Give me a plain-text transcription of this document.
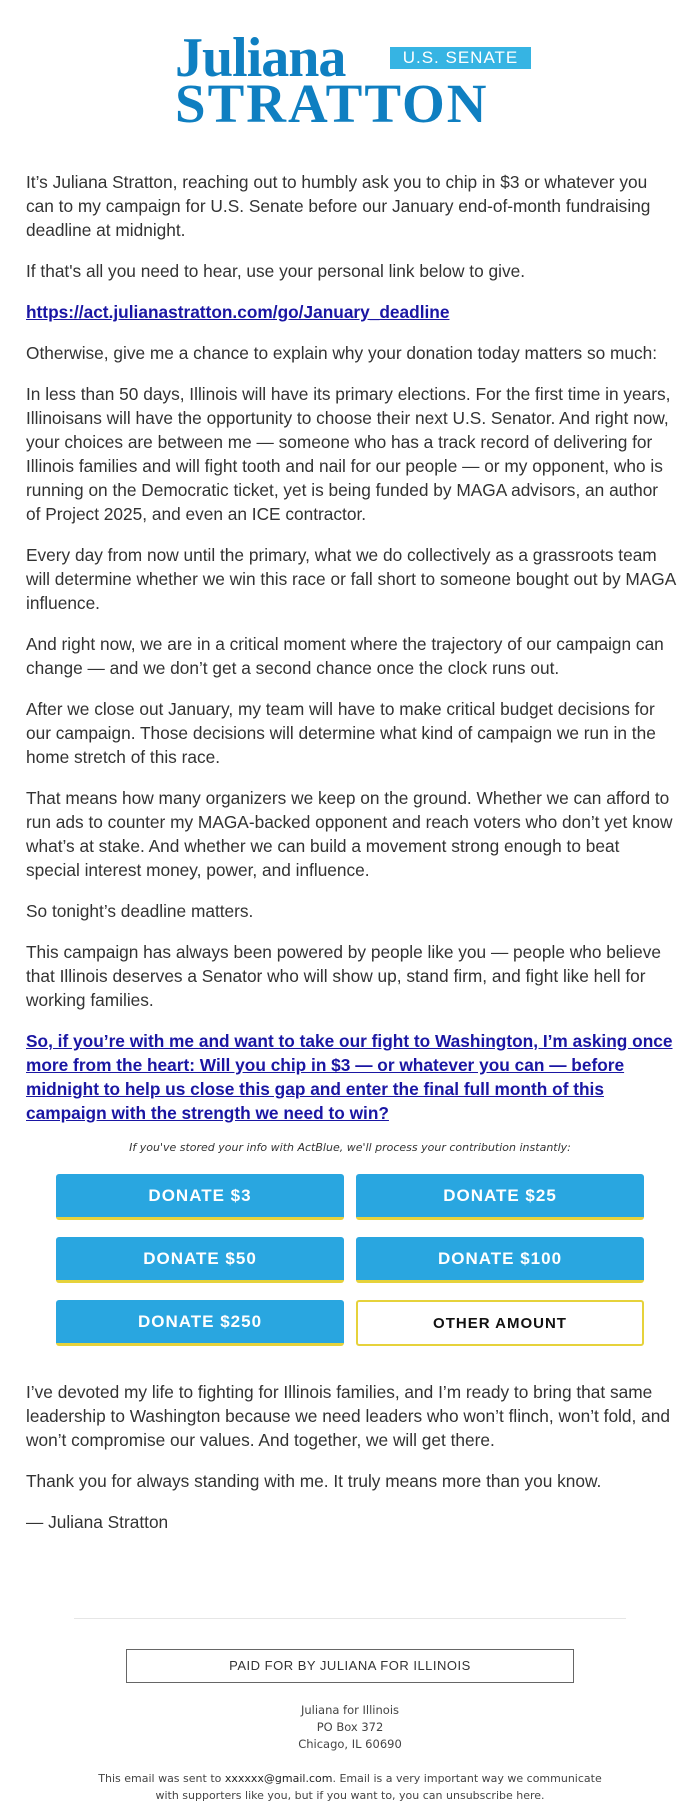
Juliana	U.S. SENATE
STRATTON

It’s Juliana Stratton, reaching out to humbly ask you to chip in $3 or whatever you can to my campaign for U.S. Senate before our January end-of-month fundraising deadline at midnight.

If that's all you need to hear, use your personal link below to give.

https://act.julianastratton.com/go/January_deadline

Otherwise, give me a chance to explain why your donation today matters so much:

In less than 50 days, Illinois will have its primary elections. For the first time in years, Illinoisans will have the opportunity to choose their next U.S. Senator. And right now, your choices are between me — someone who has a track record of delivering for Illinois families and will fight tooth and nail for our people — or my opponent, who is running on the Democratic ticket, yet is being funded by MAGA advisors, an author of Project 2025, and even an ICE contractor.

Every day from now until the primary, what we do collectively as a grassroots team will determine whether we win this race or fall short to someone bought out by MAGA influence.

And right now, we are in a critical moment where the trajectory of our campaign can change — and we don’t get a second chance once the clock runs out.

After we close out January, my team will have to make critical budget decisions for our campaign. Those decisions will determine what kind of campaign we run in the home stretch of this race.

That means how many organizers we keep on the ground. Whether we can afford to run ads to counter my MAGA-backed opponent and reach voters who don’t yet know what’s at stake. And whether we can build a movement strong enough to beat special interest money, power, and influence.

So tonight’s deadline matters.

This campaign has always been powered by people like you — people who believe that Illinois deserves a Senator who will show up, stand firm, and fight like hell for working families.

So, if you’re with me and want to take our fight to Washington, I’m asking once more from the heart: Will you chip in $3 — or whatever you can — before midnight to help us close this gap and enter the final full month of this campaign with the strength we need to win?

If you've stored your info with ActBlue, we'll process your contribution instantly:
DONATE $3	DONATE $25
DONATE $50	DONATE $100
DONATE $250	OTHER AMOUNT

I’ve devoted my life to fighting for Illinois families, and I’m ready to bring that same leadership to Washington because we need leaders who won’t flinch, won’t fold, and won’t compromise our values. And together, we will get there.

Thank you for always standing with me. It truly means more than you know.

— Juliana Stratton

PAID FOR BY JULIANA FOR ILLINOIS
Juliana for Illinois
PO Box 372
Chicago, IL 60690
This email was sent to xxxxxx@gmail.com. Email is a very important way we communicate with supporters like you, but if you want to, you can unsubscribe here.
